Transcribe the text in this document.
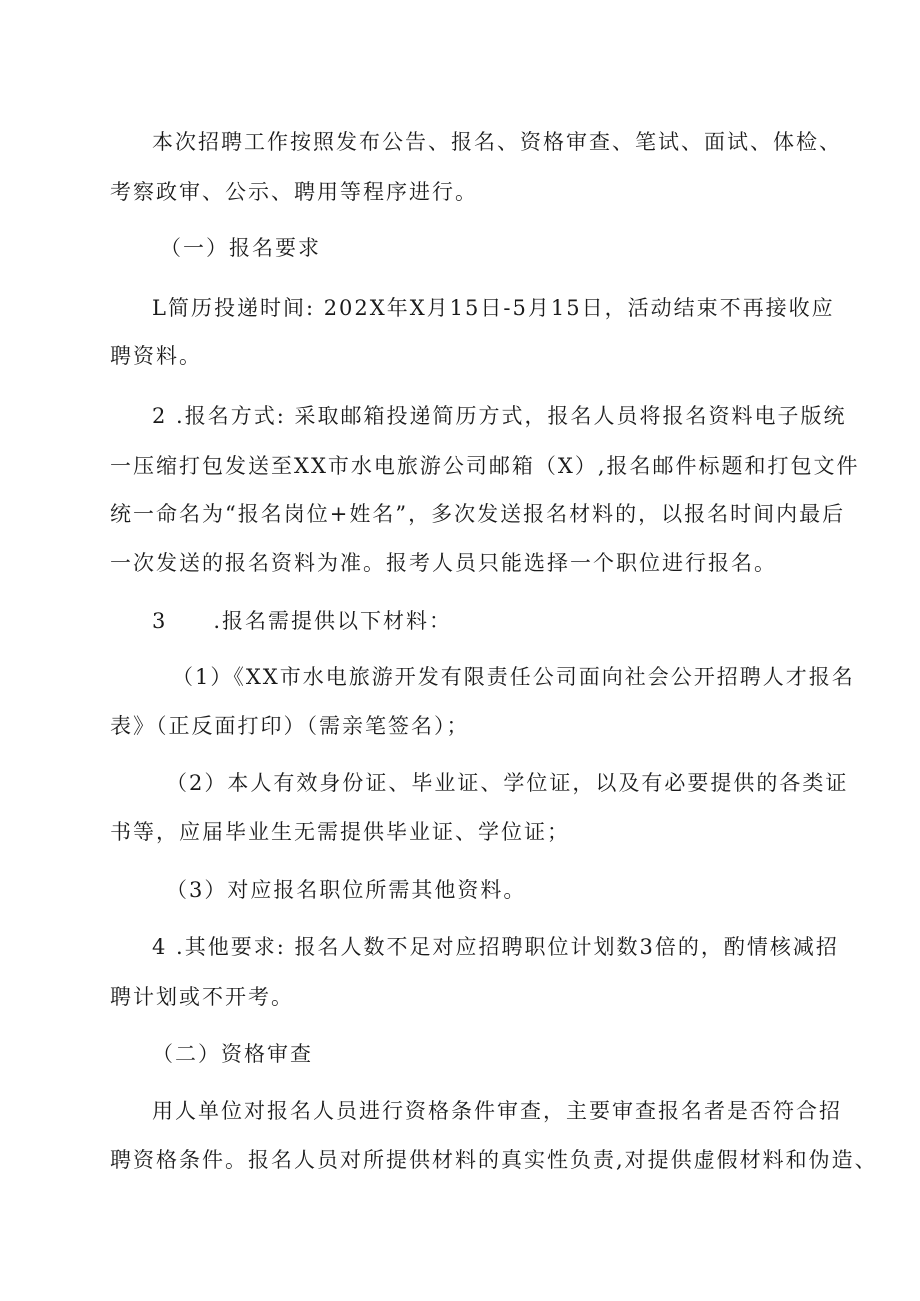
本次招聘工作按照发布公告、报名、资格审查、笔试、面试、体检、
考察政审、公示、聘用等程序进行。
（一）报名要求
L简历投递时间: 202X年X月15日-5月15日，活动结束不再接收应
聘资料。
2 .报名方式: 采取邮箱投递简历方式，报名人员将报名资料电子版统
一压缩打包发送至XX市水电旅游公司邮箱（X）,报名邮件标题和打包文件
统一命名为“报名岗位+姓名”，多次发送报名材料的，以报名时间内最后
一次发送的报名资料为准。报考人员只能选择一个职位进行报名。
3　　.报名需提供以下材料：
（1）《XX市水电旅游开发有限责任公司面向社会公开招聘人才报名
表》（正反面打印）（需亲笔签名）；
（2）本人有效身份证、毕业证、学位证，以及有必要提供的各类证
书等，应届毕业生无需提供毕业证、学位证；
（3）对应报名职位所需其他资料。
4 .其他要求: 报名人数不足对应招聘职位计划数3倍的，酌情核减招
聘计划或不开考。
（二）资格审查
用人单位对报名人员进行资格条件审查，主要审查报名者是否符合招
聘资格条件。报名人员对所提供材料的真实性负责,对提供虚假材料和伪造、
